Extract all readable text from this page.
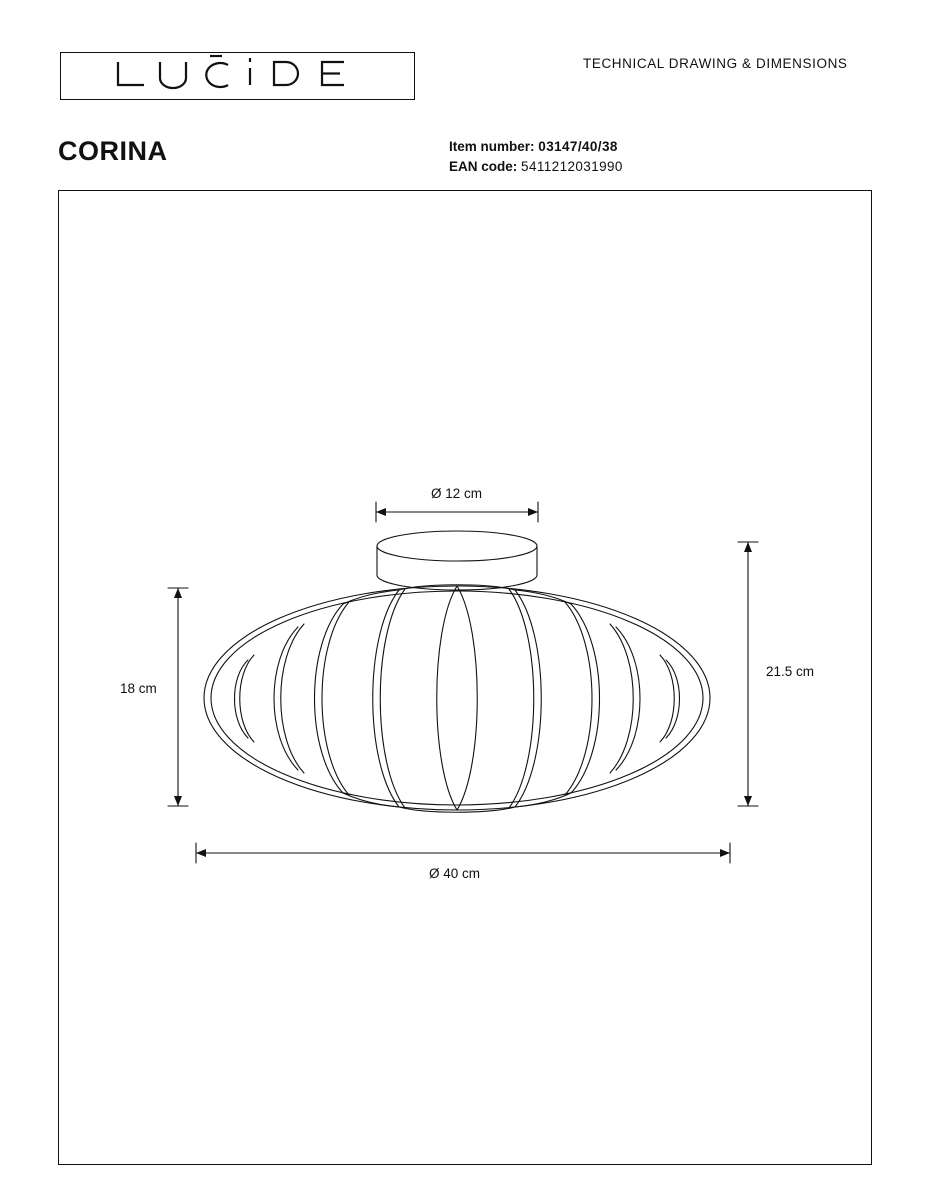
TECHNICAL DRAWING & DIMENSIONS
CORINA	Item number: 03147/40/38
EAN code: 5411212031990
Ø 12 cm
18 cm
21.5 cm
Ø 40 cm
